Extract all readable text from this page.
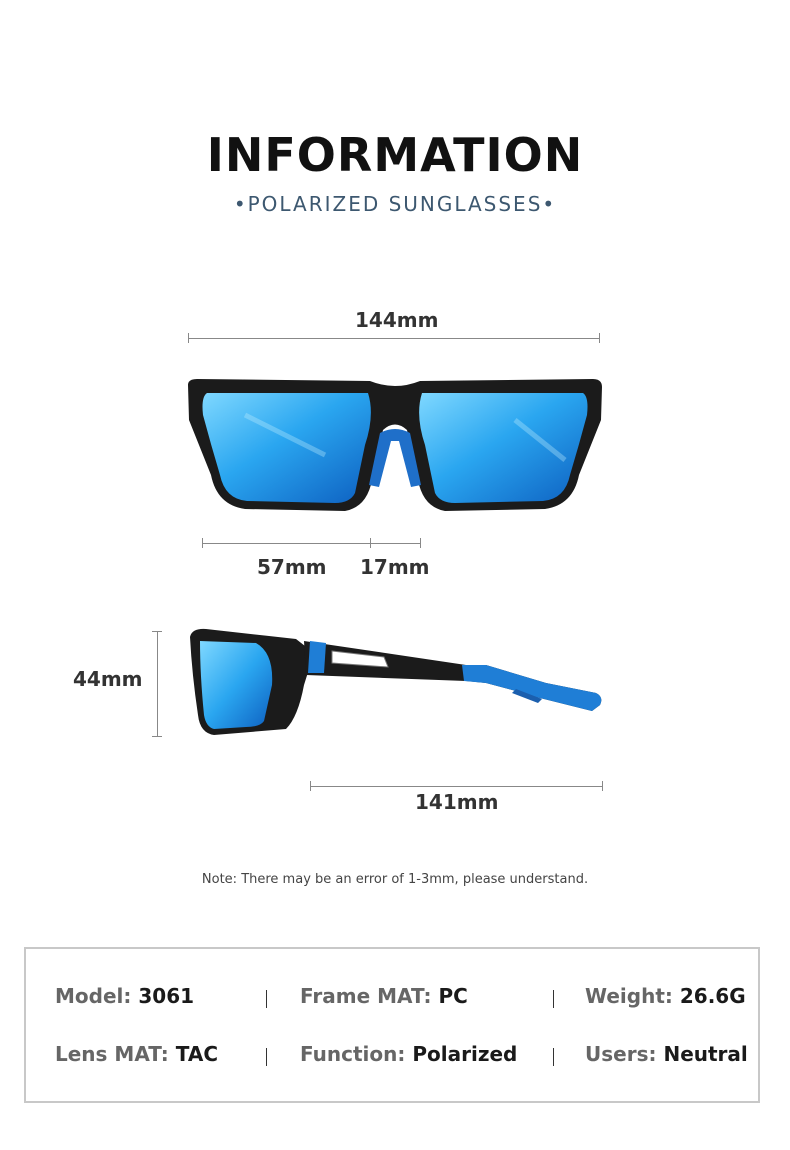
INFORMATION
•POLARIZED SUNGLASSES•
144mm
57mm 17mm
44mm
141mm
Note: There may be an error of 1-3mm, please understand.
Model: 3061	Frame MAT: PC	Weight: 26.6G
Lens MAT: TAC	Function: Polarized	Users: Neutral
